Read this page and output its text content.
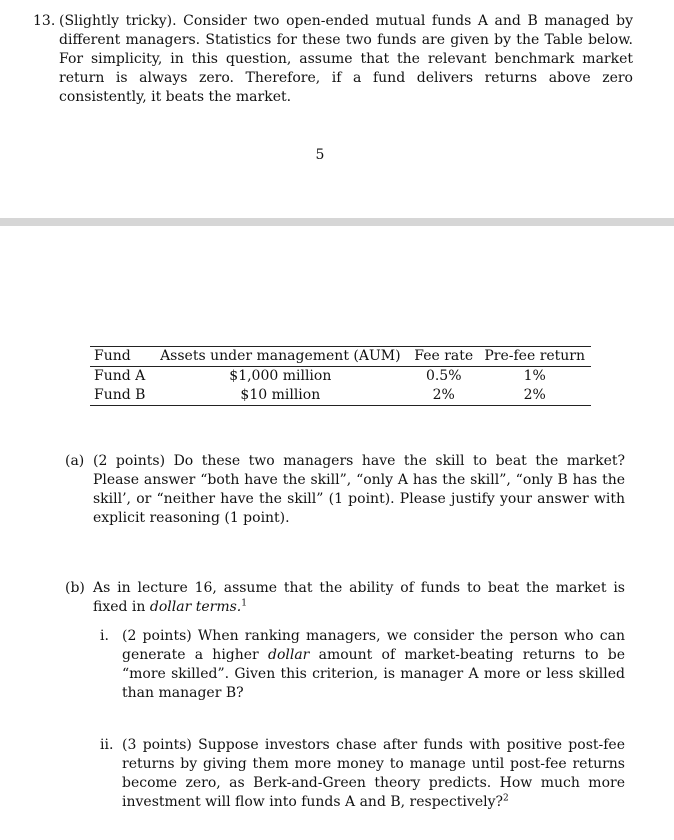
13. (Slightly tricky). Consider two open-ended mutual funds A and B managed by different managers. Statistics for these two funds are given by the Table below. For simplicity, in this question, assume that the relevant benchmark market return is always zero. Therefore, if a fund delivers returns above zero consistently, it beats the market.
5
Fund	Assets under management (AUM)	Fee rate	Pre-fee return
Fund A	$1,000 million	0.5%	1%
Fund B	$10 million	2%	2%
(a) (2 points) Do these two managers have the skill to beat the market? Please answer “both have the skill”, “only A has the skill”, “only B has the skill’, or “neither have the skill” (1 point). Please justify your answer with explicit reasoning (1 point).
(b) As in lecture 16, assume that the ability of funds to beat the market is fixed in dollar terms.$^1$
i. (2 points) When ranking managers, we consider the person who can generate a higher dollar amount of market-beating returns to be “more skilled”. Given this criterion, is manager A more or less skilled than manager B?
ii. (3 points) Suppose investors chase after funds with positive post-fee returns by giving them more money to manage until post-fee returns become zero, as Berk-and-Green theory predicts. How much more investment will flow into funds A and B, respectively?$^2$
